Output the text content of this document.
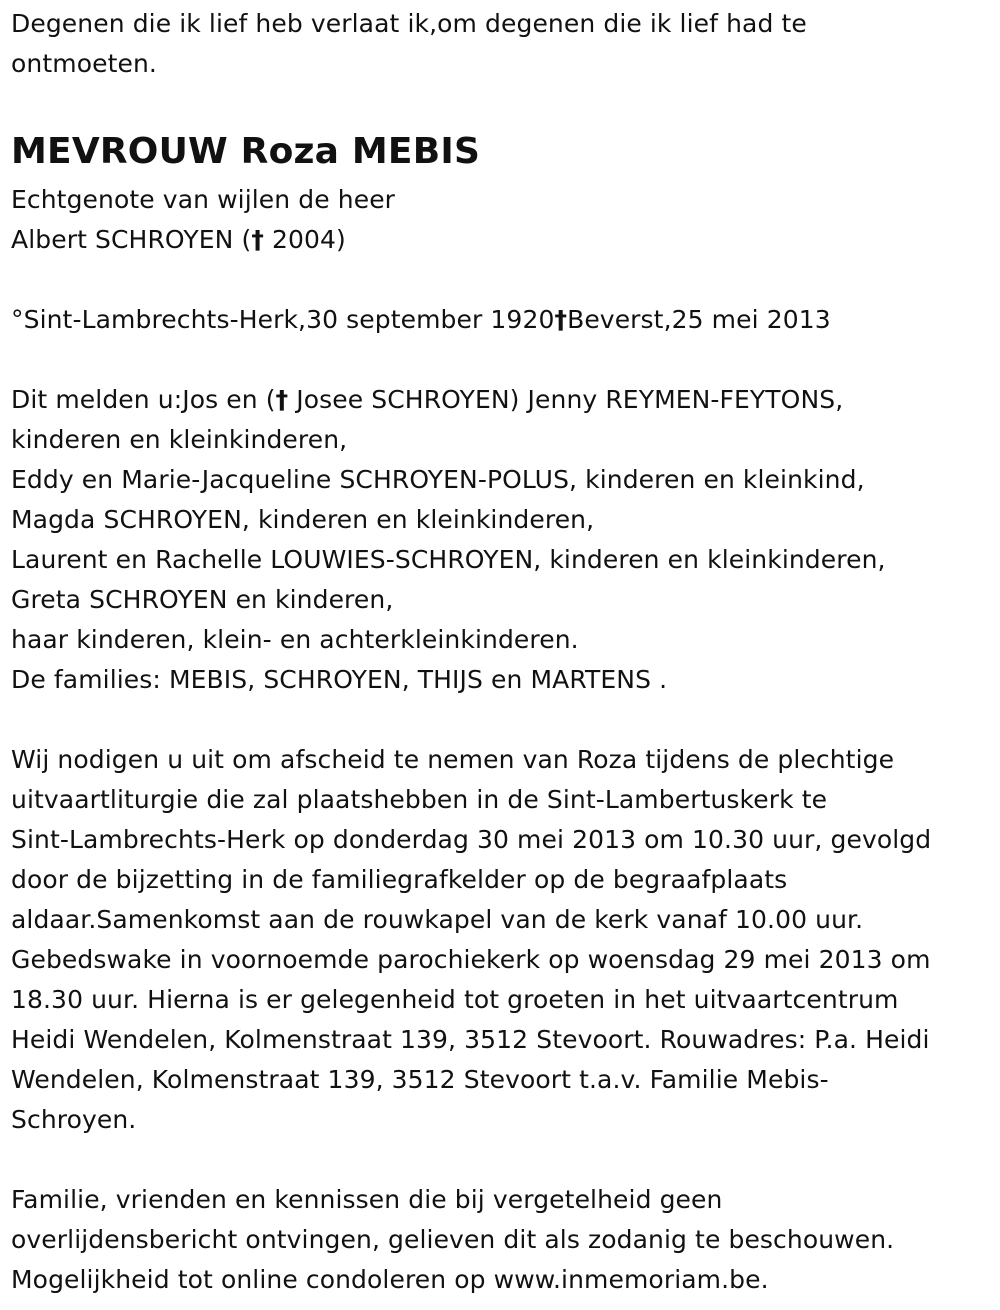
Degenen die ik lief heb verlaat ik,om degenen die ik lief had te
ontmoeten.
MEVROUW Roza MEBIS
Echtgenote van wijlen de heer
Albert SCHROYEN († 2004)
°Sint-Lambrechts-Herk,30 september 1920†Beverst,25 mei 2013
Dit melden u:Jos en († Josee SCHROYEN) Jenny REYMEN-FEYTONS,
kinderen en kleinkinderen,
Eddy en Marie-Jacqueline SCHROYEN-POLUS, kinderen en kleinkind,
Magda SCHROYEN, kinderen en kleinkinderen,
Laurent en Rachelle LOUWIES-SCHROYEN, kinderen en kleinkinderen,
Greta SCHROYEN en kinderen,
haar kinderen, klein- en achterkleinkinderen.
De families: MEBIS, SCHROYEN, THIJS en MARTENS .
Wij nodigen u uit om afscheid te nemen van Roza tijdens de plechtige
uitvaartliturgie die zal plaatshebben in de Sint-Lambertuskerk te
Sint-Lambrechts-Herk op donderdag 30 mei 2013 om 10.30 uur, gevolgd
door de bijzetting in de familiegrafkelder op de begraafplaats
aldaar.Samenkomst aan de rouwkapel van de kerk vanaf 10.00 uur.
Gebedswake in voornoemde parochiekerk op woensdag 29 mei 2013 om
18.30 uur. Hierna is er gelegenheid tot groeten in het uitvaartcentrum
Heidi Wendelen, Kolmenstraat 139, 3512 Stevoort. Rouwadres: P.a. Heidi
Wendelen, Kolmenstraat 139, 3512 Stevoort t.a.v. Familie Mebis-
Schroyen.
Familie, vrienden en kennissen die bij vergetelheid geen
overlijdensbericht ontvingen, gelieven dit als zodanig te beschouwen.
Mogelijkheid tot online condoleren op www.inmemoriam.be.
